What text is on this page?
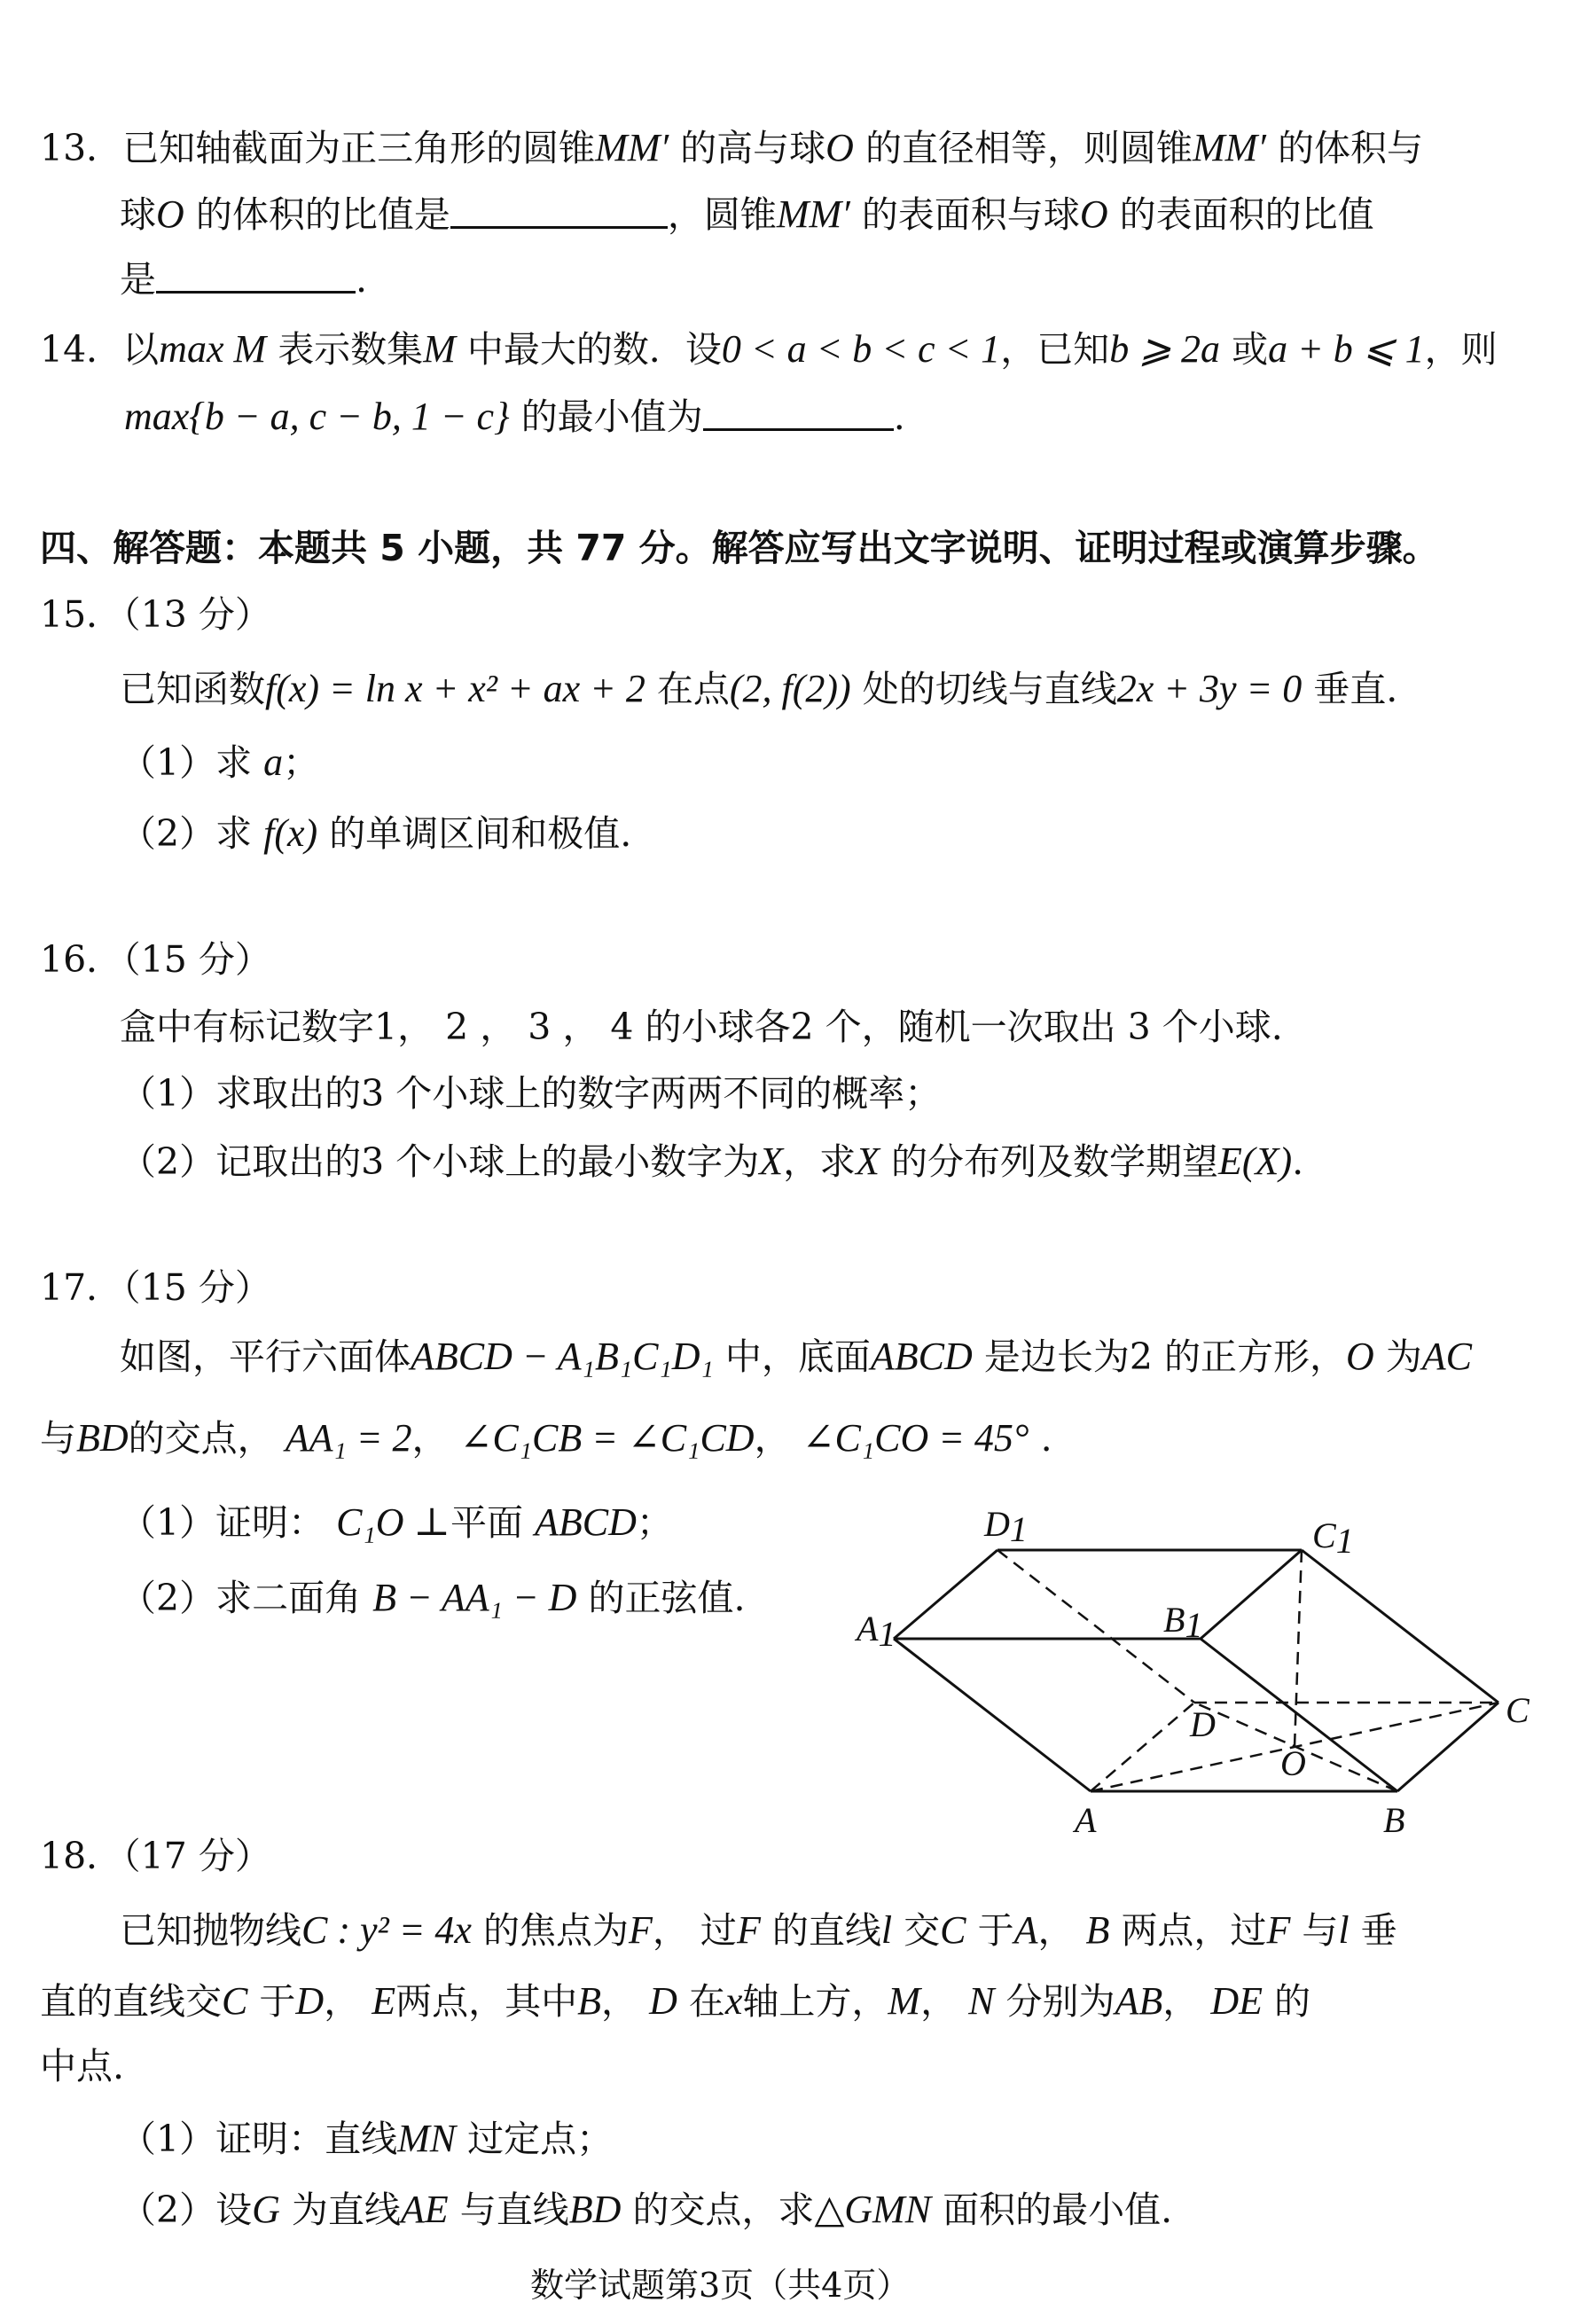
13．已知轴截面为正三角形的圆锥MM′ 的高与球O 的直径相等，则圆锥MM′ 的体积与
球O 的体积的比值是	，圆锥MM′ 的表面积与球O 的表面积的比值
是	.
14．以max M 表示数集M 中最大的数．设0 < a < b < c < 1，已知b ⩾ 2a 或a + b ⩽ 1，则
max{b − a, c − b, 1 − c} 的最小值为	.
四、解答题：本题共 5 小题，共 77 分。解答应写出文字说明、证明过程或演算步骤。
15．（13 分）
已知函数f(x) = ln x + x² + ax + 2 在点(2, f(2)) 处的切线与直线2x + 3y = 0 垂直.
（1）求 a；
（2）求 f(x) 的单调区间和极值.
16．（15 分）
盒中有标记数字1， 2 ， 3 ， 4 的小球各2 个，随机一次取出 3 个小球.
（1）求取出的3 个小球上的数字两两不同的概率；
（2）记取出的3 个小球上的最小数字为X，求X 的分布列及数学期望E(X).
17．（15 分）
如图，平行六面体ABCD − A₁B₁C₁D₁ 中，底面ABCD 是边长为2 的正方形，O 为AC
与BD的交点， AA₁ = 2， ∠C₁CB = ∠C₁CD， ∠C₁CO = 45° .
（1）证明： C₁O ⊥平面 ABCD；
（2）求二面角 B − AA₁ − D 的正弦值.
D1	C1
A1	B1
D	C
O
A	B
18．（17 分）
已知抛物线C : y² = 4x 的焦点为F， 过F 的直线l 交C 于A， B 两点，过F 与l 垂
直的直线交C 于D， E两点，其中B， D 在x轴上方，M， N 分别为AB， DE 的
中点.
（1）证明：直线MN 过定点；
（2）设G 为直线AE 与直线BD 的交点，求△GMN 面积的最小值.
数学试题第3页（共4页）
